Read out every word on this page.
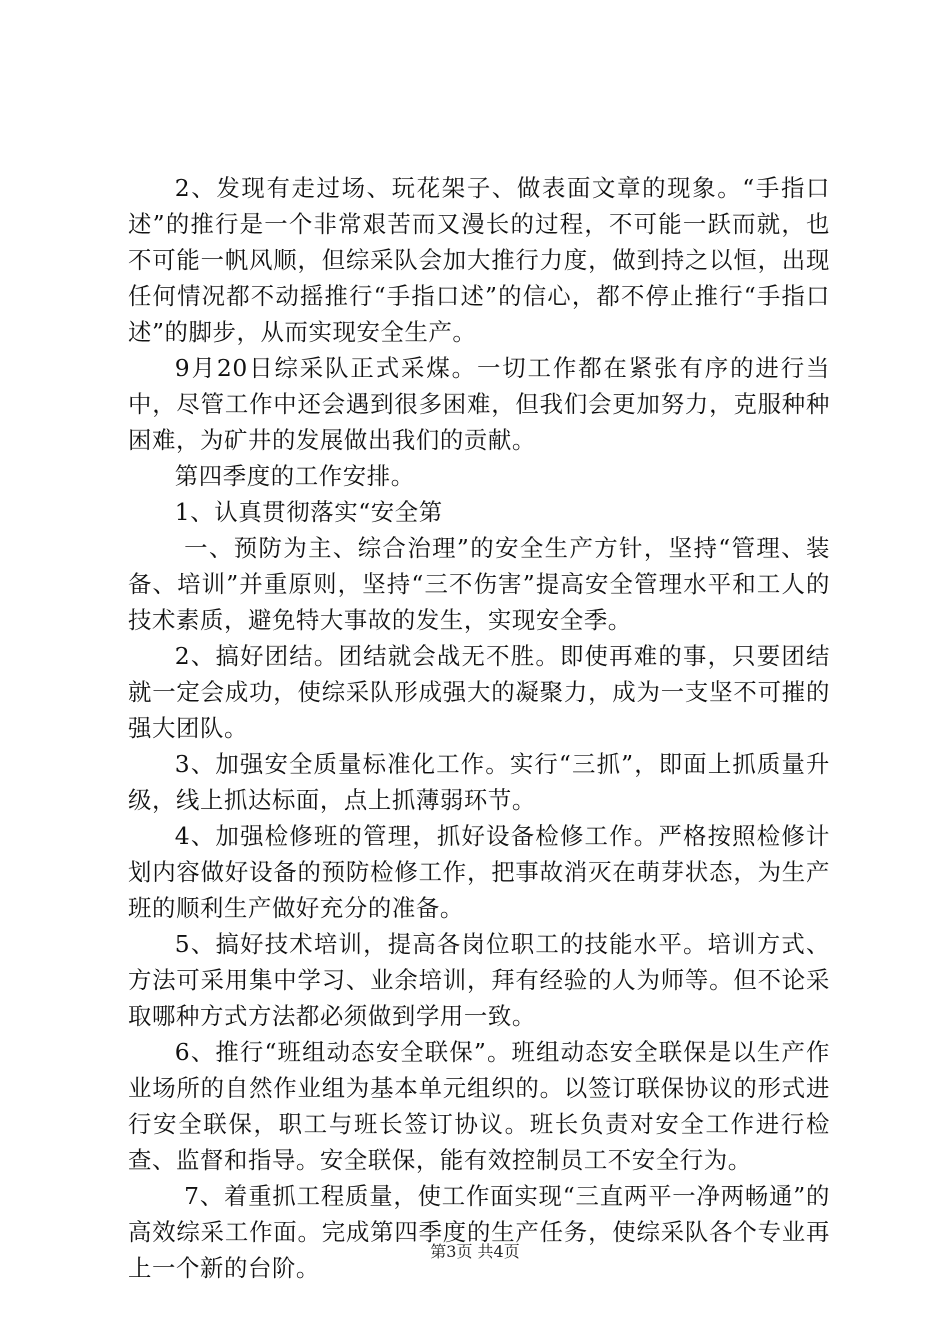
2、发现有走过场、玩花架子、做表面文章的现象。“手指口述”的推行是一个非常艰苦而又漫长的过程，不可能一跃而就，也不可能一帆风顺，但综采队会加大推行力度，做到持之以恒，出现任何情况都不动摇推行“手指口述”的信心，都不停止推行“手指口述”的脚步，从而实现安全生产。

9月20日综采队正式采煤。一切工作都在紧张有序的进行当中，尽管工作中还会遇到很多困难，但我们会更加努力，克服种种困难，为矿井的发展做出我们的贡献。

第四季度的工作安排。

1、认真贯彻落实“安全第

一、预防为主、综合治理”的安全生产方针，坚持“管理、装备、培训”并重原则，坚持“三不伤害”提高安全管理水平和工人的技术素质，避免特大事故的发生，实现安全季。

2、搞好团结。团结就会战无不胜。即使再难的事，只要团结就一定会成功，使综采队形成强大的凝聚力，成为一支坚不可摧的强大团队。

3、加强安全质量标准化工作。实行“三抓”，即面上抓质量升级，线上抓达标面，点上抓薄弱环节。

4、加强检修班的管理，抓好设备检修工作。严格按照检修计划内容做好设备的预防检修工作，把事故消灭在萌芽状态，为生产班的顺利生产做好充分的准备。

5、搞好技术培训，提高各岗位职工的技能水平。培训方式、方法可采用集中学习、业余培训，拜有经验的人为师等。但不论采取哪种方式方法都必须做到学用一致。

6、推行“班组动态安全联保”。班组动态安全联保是以生产作业场所的自然作业组为基本单元组织的。以签订联保协议的形式进行安全联保，职工与班长签订协议。班长负责对安全工作进行检查、监督和指导。安全联保，能有效控制员工不安全行为。

7、着重抓工程质量，使工作面实现“三直两平一净两畅通”的高效综采工作面。完成第四季度的生产任务，使综采队各个专业再上一个新的台阶。

第3页 共4页
